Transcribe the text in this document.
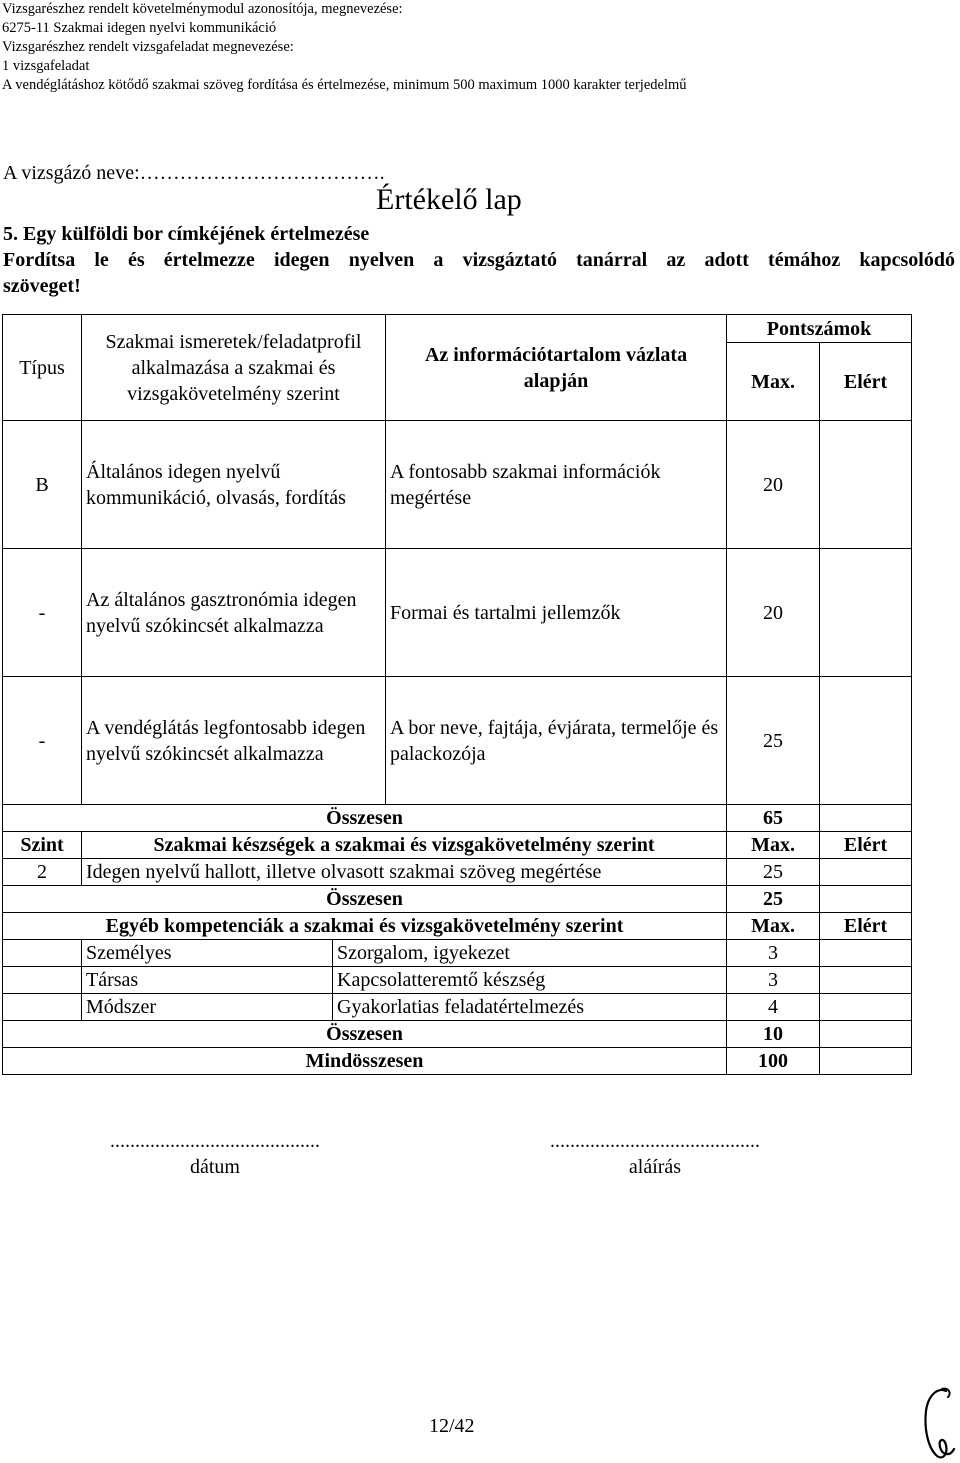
Vizsgarészhez rendelt követelménymodul azonosítója, megnevezése:
6275-11 Szakmai idegen nyelvi kommunikáció
Vizsgarészhez rendelt vizsgafeladat megnevezése:
1 vizsgafeladat
A vendéglátáshoz kötődő szakmai szöveg fordítása és értelmezése, minimum 500 maximum 1000 karakter terjedelmű
A vizsgázó neve:……………………………….
Értékelő lap
5. Egy külföldi bor címkéjének értelmezése
Fordítsa le és értelmezze idegen nyelven a vizsgáztató tanárral az adott témához kapcsolódó
szöveget!
Típus	Szakmai ismeretek/feladatprofil alkalmazása a szakmai és vizsgakövetelmény szerint		Az információtartalom vázlata alapján	Pontszámok	
				Max.	Elért
B	Általános idegen nyelvű kommunikáció, olvasás, fordítás		A fontosabb szakmai információk megértése	20	
-	Az általános gasztronómia idegen nyelvű szókincsét alkalmazza		Formai és tartalmi jellemzők	20	
-	A vendéglátás legfontosabb idegen nyelvű szókincsét alkalmazza		A bor neve, fajtája, évjárata, termelője és palackozója	25	
Összesen				65	
Szint	Szakmai készségek a szakmai és vizsgakövetelmény szerint			Max.	Elért
2	Idegen nyelvű hallott, illetve olvasott szakmai szöveg megértése			25	
Összesen				25	
Egyéb kompetenciák a szakmai és vizsgakövetelmény szerint				Max.	Elért
	Személyes	Szorgalom, igyekezet		3	
	Társas	Kapcsolatteremtő készség		3	
	Módszer	Gyakorlatias feladatértelmezés		4	
Összesen				10	
Mindösszesen				100	
..........................................
dátum
..........................................
aláírás
12/42
